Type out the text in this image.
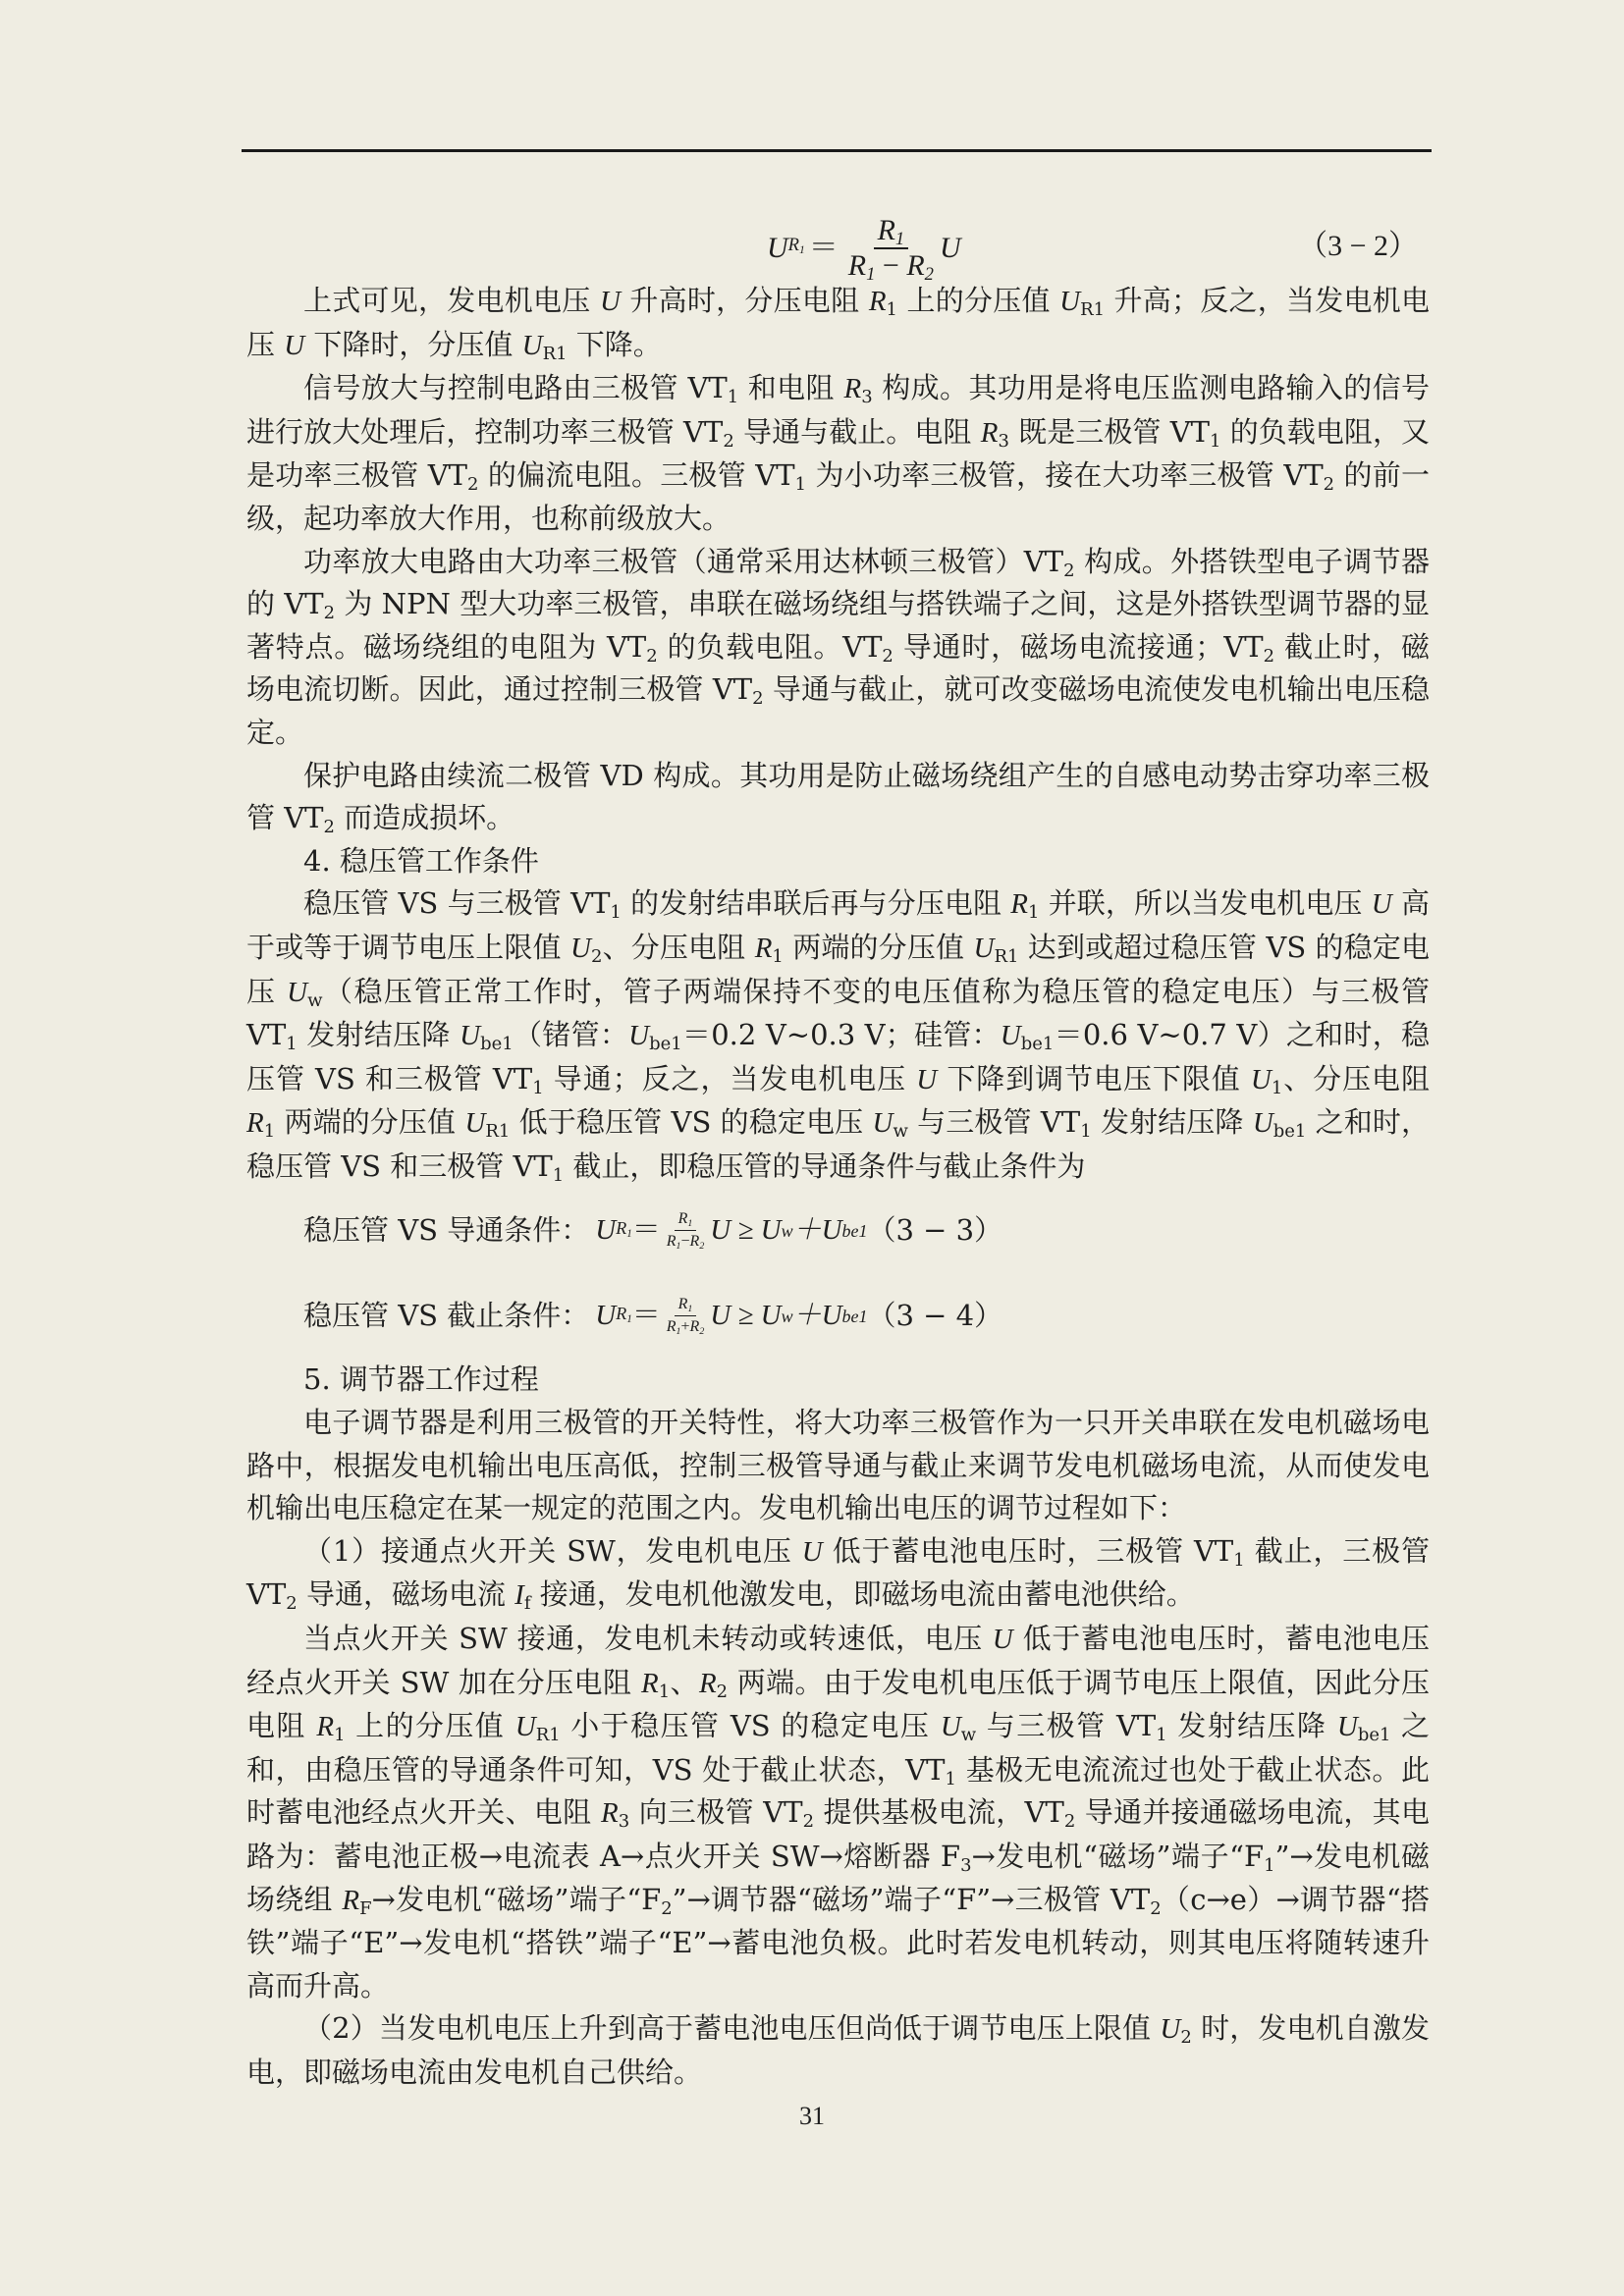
U $R_1 = \frac{R_1}{R_1 - R_2}$ U	（3 − 2）

上式可见，发电机电压 U 升高时，分压电阻 $R_1$ 上的分压值 $U_{R1}$ 升高；反之，当发电机电压 U 下降时，分压值 $U_{R1}$ 下降。

信号放大与控制电路由三极管 $VT_1$ 和电阻 $R_3$ 构成。其功用是将电压监测电路输入的信号进行放大处理后，控制功率三极管 $VT_2$ 导通与截止。电阻 $R_3$ 既是三极管 $VT_1$ 的负载电阻，又是功率三极管 $VT_2$ 的偏流电阻。三极管 $VT_1$ 为小功率三极管，接在大功率三极管 $VT_2$ 的前一级，起功率放大作用，也称前级放大。

功率放大电路由大功率三极管（通常采用达林顿三极管）$VT_2$ 构成。外搭铁型电子调节器的 $VT_2$ 为 NPN 型大功率三极管，串联在磁场绕组与搭铁端子之间，这是外搭铁型调节器的显著特点。磁场绕组的电阻为 $VT_2$ 的负载电阻。$VT_2$ 导通时，磁场电流接通；$VT_2$ 截止时，磁场电流切断。因此，通过控制三极管 $VT_2$ 导通与截止，就可改变磁场电流使发电机输出电压稳定。

保护电路由续流二极管 VD 构成。其功用是防止磁场绕组产生的自感电动势击穿功率三极管 $VT_2$ 而造成损坏。

4. 稳压管工作条件

稳压管 VS 与三极管 $VT_1$ 的发射结串联后再与分压电阻 $R_1$ 并联，所以当发电机电压 U 高于或等于调节电压上限值 $U_2$、分压电阻 $R_1$ 两端的分压值 $U_{R1}$ 达到或超过稳压管 VS 的稳定电压 $U_w$（稳压管正常工作时，管子两端保持不变的电压值称为稳压管的稳定电压）与三极管 $VT_1$ 发射结压降 $U_{be1}$（锗管：$U_{be1}=0.2$ V~0.3 V；硅管：$U_{be1}=0.6$ V~0.7 V）之和时，稳压管 VS 和三极管 $VT_1$ 导通；反之，当发电机电压 U 下降到调节电压下限值 $U_1$、分压电阻 $R_1$ 两端的分压值 $U_{R1}$ 低于稳压管 VS 的稳定电压 $U_w$ 与三极管 $VT_1$ 发射结压降 $U_{be1}$ 之和时，稳压管 VS 和三极管 $VT_1$ 截止，即稳压管的导通条件与截止条件为

稳压管 VS 导通条件： U $R_1 = \frac{R_1}{R_1-R_2}$ U ≥ U w ＋U be1 （3 − 3）

稳压管 VS 截止条件： U $R_1 = \frac{R_1}{R_1+R_2}$ U ≥ U w ＋U be1 （3 − 4）

5. 调节器工作过程

电子调节器是利用三极管的开关特性，将大功率三极管作为一只开关串联在发电机磁场电路中，根据发电机输出电压高低，控制三极管导通与截止来调节发电机磁场电流，从而使发电机输出电压稳定在某一规定的范围之内。发电机输出电压的调节过程如下：

（1）接通点火开关 SW，发电机电压 U 低于蓄电池电压时，三极管 $VT_1$ 截止，三极管 $VT_2$ 导通，磁场电流 $I_f$ 接通，发电机他激发电，即磁场电流由蓄电池供给。

当点火开关 SW 接通，发电机未转动或转速低，电压 U 低于蓄电池电压时，蓄电池电压经点火开关 SW 加在分压电阻 $R_1$、$R_2$ 两端。由于发电机电压低于调节电压上限值，因此分压电阻 $R_1$ 上的分压值 $U_{R1}$ 小于稳压管 VS 的稳定电压 $U_w$ 与三极管 $VT_1$ 发射结压降 $U_{be1}$ 之和，由稳压管的导通条件可知，VS 处于截止状态，$VT_1$ 基极无电流流过也处于截止状态。此时蓄电池经点火开关、电阻 $R_3$ 向三极管 $VT_2$ 提供基极电流，$VT_2$ 导通并接通磁场电流，其电路为：蓄电池正极→电流表 A→点火开关 SW→熔断器 $F_3\to$发电机“磁场”端子“$F_1”\to$发电机磁场绕组 $R_F\to$发电机“磁场”端子“$F_2”\to$调节器“磁场”端子“F”→三极管 $VT_2(c\to e)\to$调节器“搭铁”端子“E”→发电机“搭铁”端子“E”→蓄电池负极。此时若发电机转动，则其电压将随转速升高而升高。

（2）当发电机电压上升到高于蓄电池电压但尚低于调节电压上限值 $U_2$ 时，发电机自激发电，即磁场电流由发电机自己供给。

31
